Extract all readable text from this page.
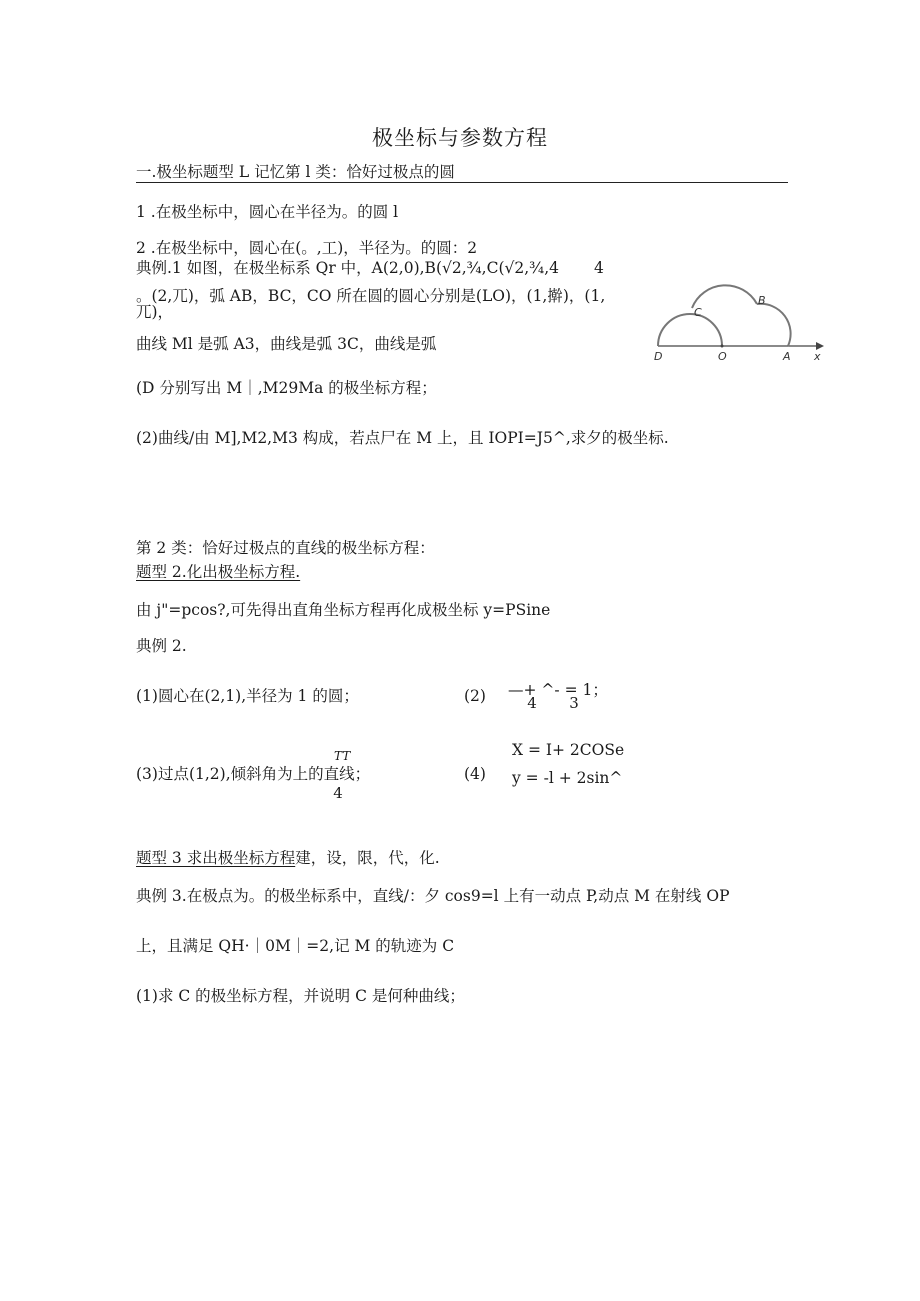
极坐标与参数方程
一.极坐标题型 L 记忆第 l 类：恰好过极点的圆
1 .在极坐标中，圆心在半径为。的圆 l
2 .在极坐标中，圆心在(。,工)，半径为。的圆：2
典例.1 如图，在极坐标系 Qr 中，A(2,0),B(√2,¾,C(√2,¾,4 4
。(2,兀)，弧 AB，BC，CO 所在圆的圆心分别是(LO)，(1,擀)，(1,
兀)，
曲线 Ml 是弧 A3，曲线是弧 3C，曲线是弧
D	O	A x
B
C
(D 分别写出 M｜,M29Ma 的极坐标方程；
(2)曲线/由 M],M2,M3 构成，若点尸在 M 上，且 IOPI=J5^,求夕的极坐标.
第 2 类：恰好过极点的直线的极坐标方程：
题型 2.化出极坐标方程.
由 j"=pcos?,可先得出直角坐标方程再化成极坐标 y=PSine
典例 2.
(1)圆心在(2,1),半径为 1 的圆；	(2) —+ ^- = 1；
4 3
TT
(3)过点(1,2),倾斜角为上的直线；
4
(4)
X = I+ 2COSe
y = -l + 2sin^
题型 3 求出极坐标方程建，设，限，代，化.
典例 3.在极点为。的极坐标系中，直线/：夕 cos9=l 上有一动点 P,动点 M 在射线 OP
上，且满足 QH·｜0M｜=2,记 M 的轨迹为 C
(1)求 C 的极坐标方程，并说明 C 是何种曲线；
